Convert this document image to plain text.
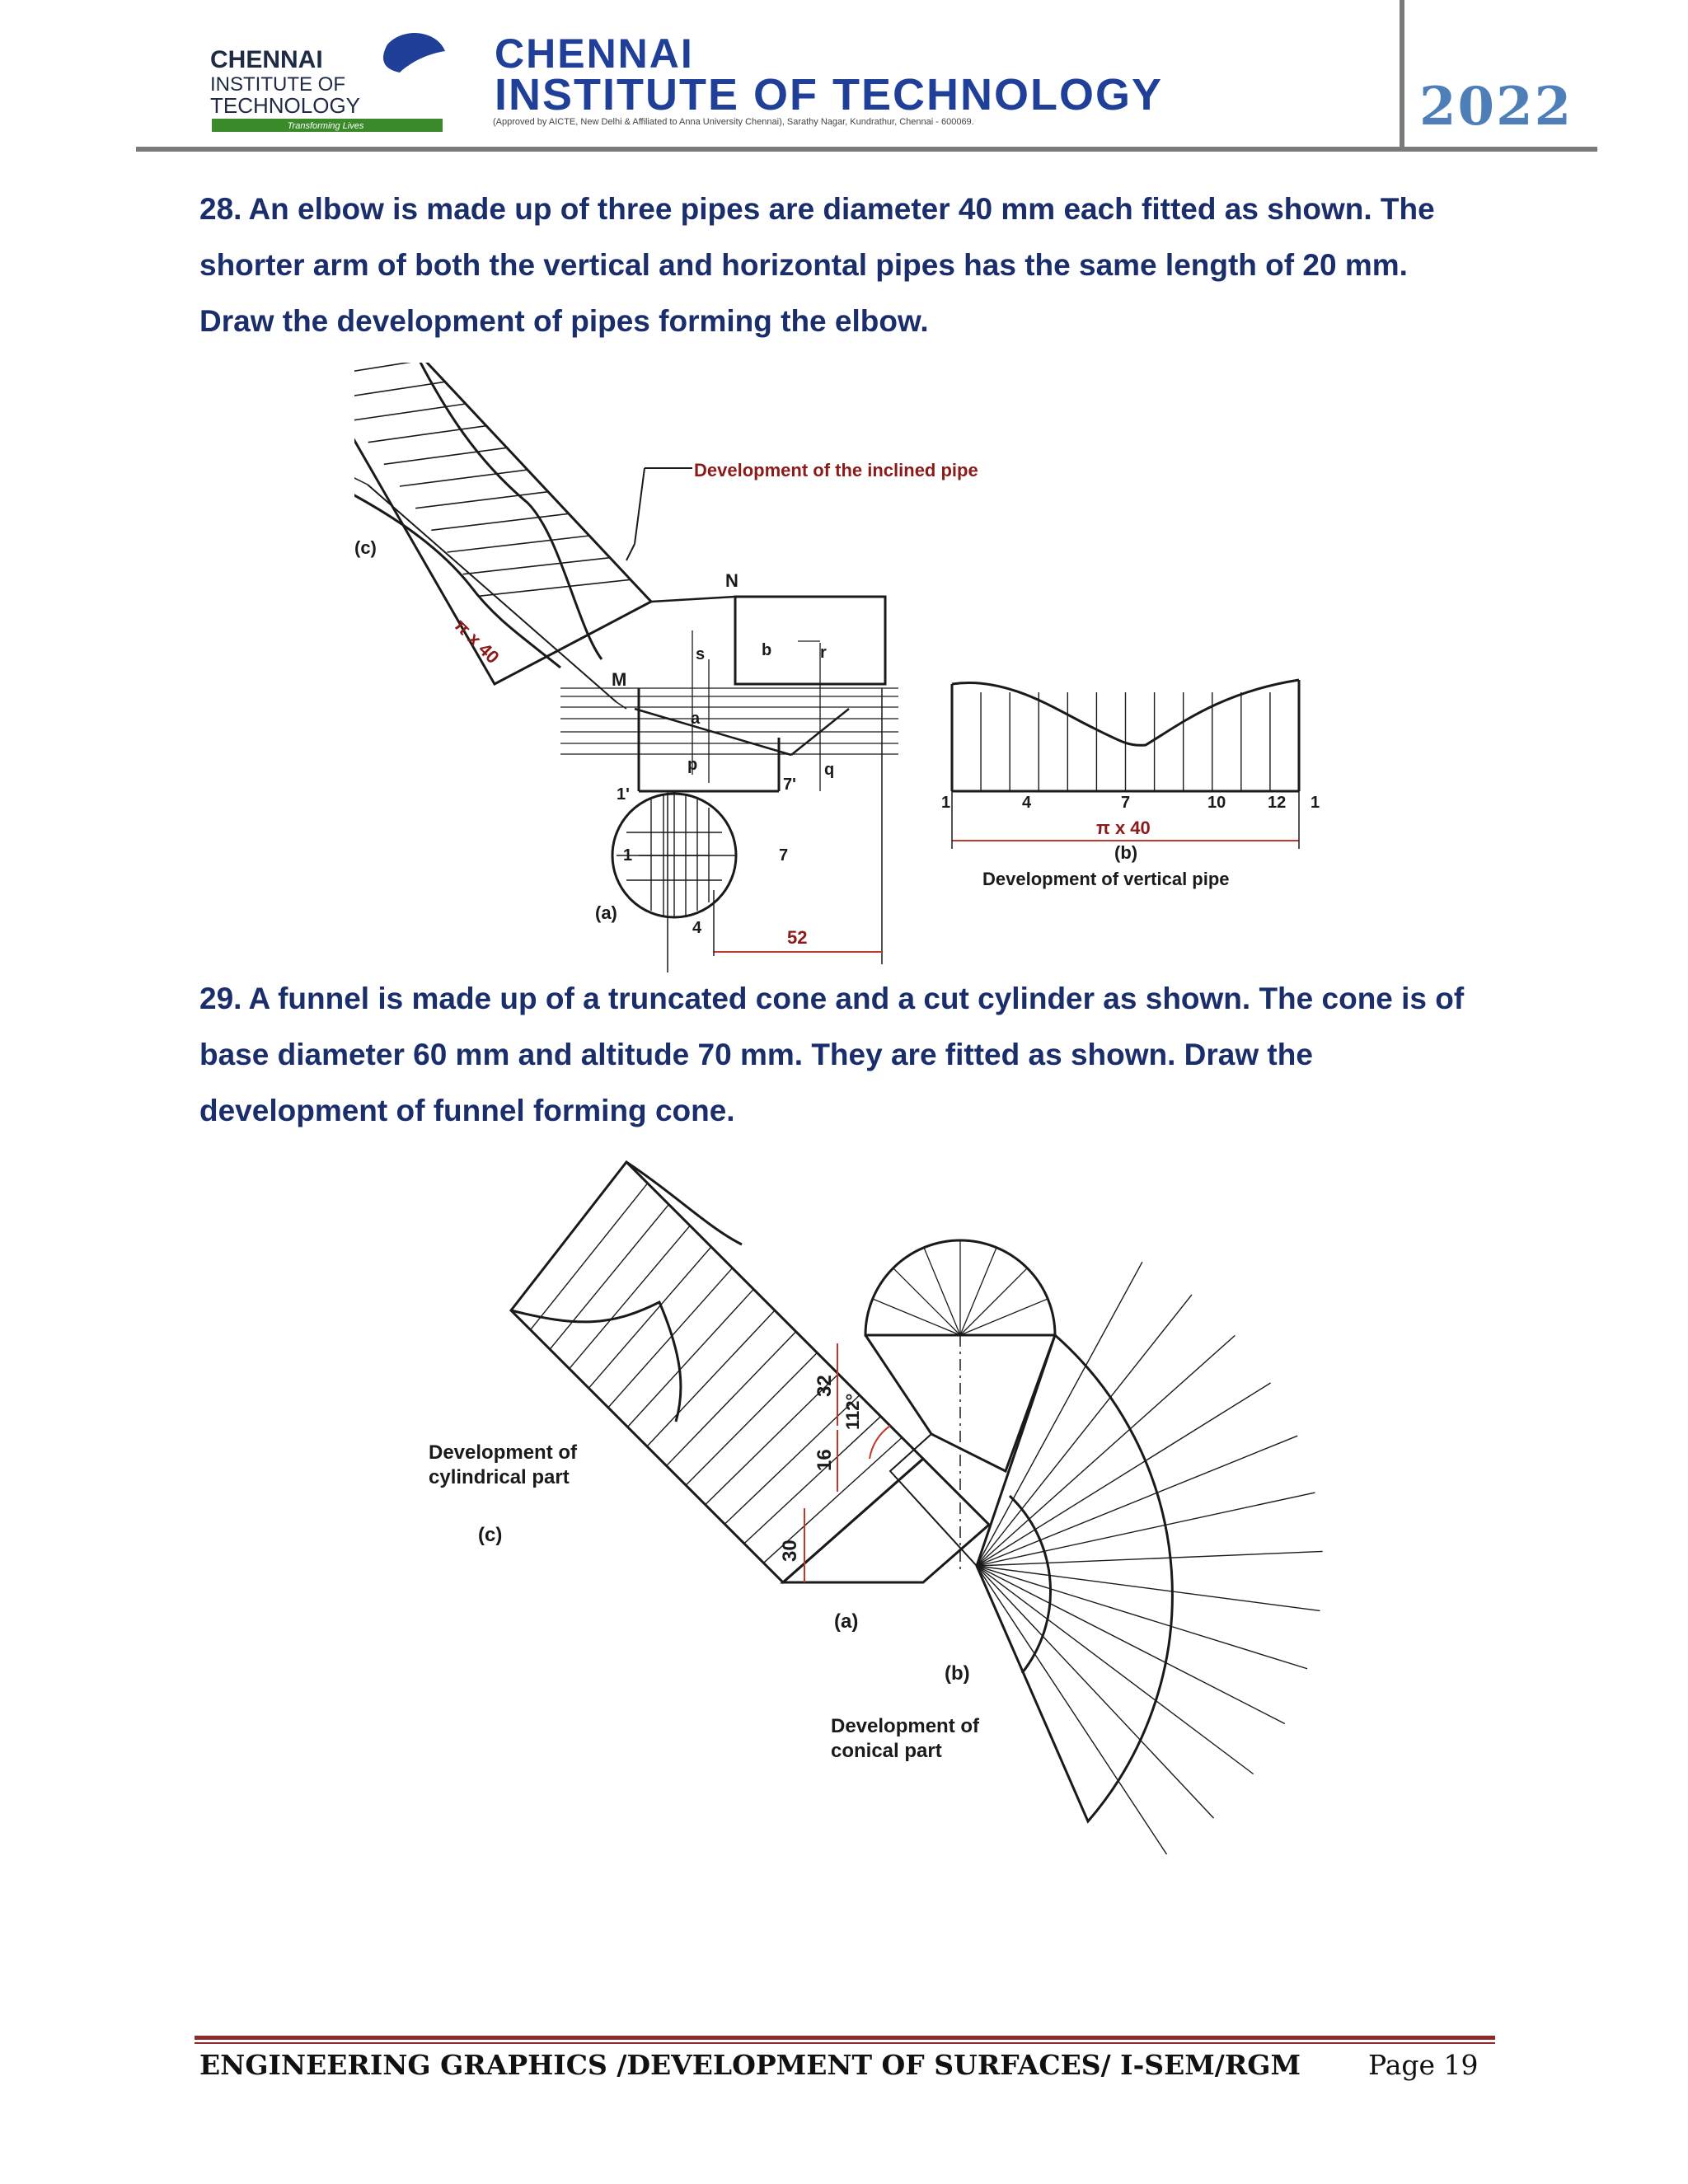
CHENNAI
INSTITUTE OF
TECHNOLOGY
Transforming Lives
CHENNAI
INSTITUTE OF TECHNOLOGY
(Approved by AICTE, New Delhi & Affiliated to Anna University Chennai), Sarathy Nagar, Kundrathur, Chennai - 600069.	2022
28. An elbow is made up of three pipes are diameter 40 mm each fitted as shown. The shorter arm of both the vertical and horizontal pipes has the same length of 20 mm. Draw the development of pipes forming the elbow.
Development of the inclined pipe
π x 40
(c)
N
M
s	b	r
a
p	q
7'
1'
1	7
4
(a)
52
1	4	7	10	12 1
π x 40
(b)
Development of vertical pipe
29. A funnel is made up of a truncated cone and a cut cylinder as shown. The cone is of base diameter 60 mm and altitude 70 mm. They are fitted as shown. Draw the development of funnel forming cone.
Development of
cylindrical part
(c)
(a)
(b)
Development of
conical part
32
16
30
112°
ENGINEERING GRAPHICS /DEVELOPMENT OF SURFACES/ I-SEM/RGM Page 19
